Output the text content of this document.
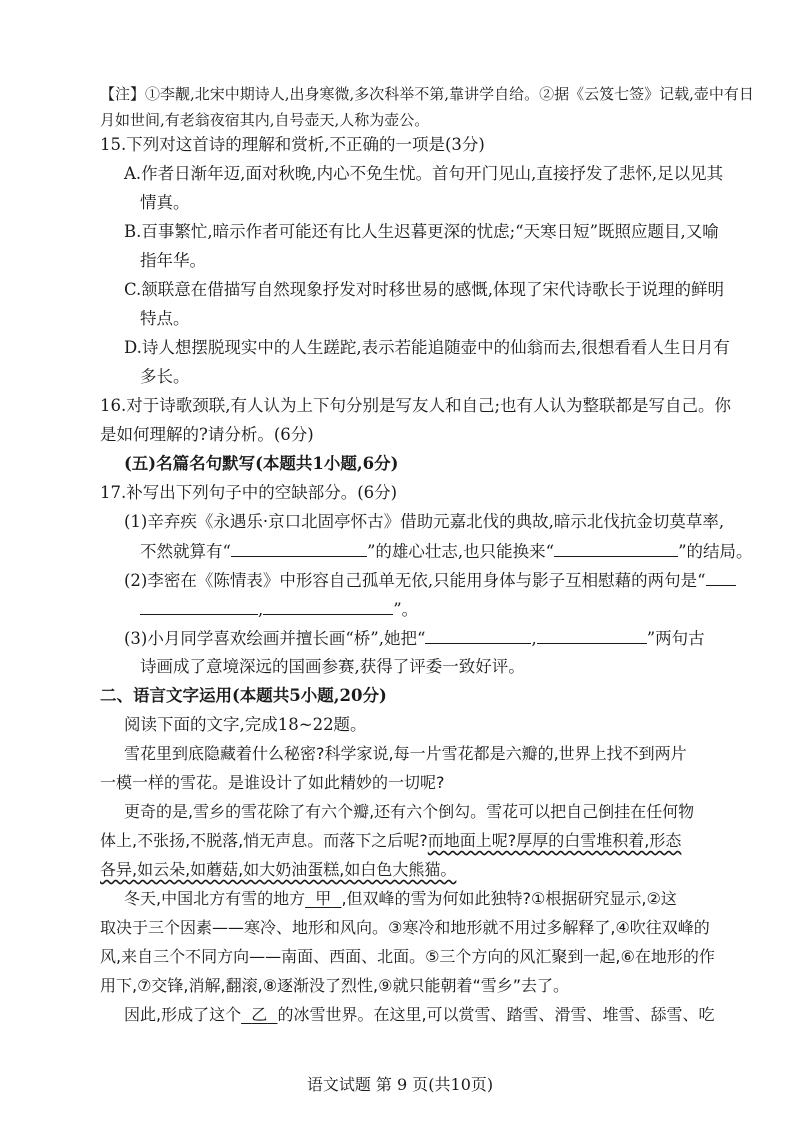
【注】①李觏,北宋中期诗人,出身寒微,多次科举不第,靠讲学自给。②据《云笈七签》记载,壶中有日
月如世间,有老翁夜宿其内,自号壶天,人称为壶公。
15.下列对这首诗的理解和赏析,不正确的一项是(3分)
A.作者日渐年迈,面对秋晚,内心不免生忧。首句开门见山,直接抒发了悲怀,足以见其
情真。
B.百事繁忙,暗示作者可能还有比人生迟暮更深的忧虑;“天寒日短”既照应题目,又喻
指年华。
C.颔联意在借描写自然现象抒发对时移世易的感慨,体现了宋代诗歌长于说理的鲜明
特点。
D.诗人想摆脱现实中的人生蹉跎,表示若能追随壶中的仙翁而去,很想看看人生日月有
多长。
16.对于诗歌颈联,有人认为上下句分别是写友人和自己;也有人认为整联都是写自己。你
是如何理解的?请分析。(6分)
(五)名篇名句默写(本题共1小题,6分)
17.补写出下列句子中的空缺部分。(6分)
(1)辛弃疾《永遇乐·京口北固亭怀古》借助元嘉北伐的典故,暗示北伐抗金切莫草率,
不然就算有“	”的雄心壮志,也只能换来“	”的结局。
(2)李密在《陈情表》中形容自己孤单无依,只能用身体与影子互相慰藉的两句是“
,	”。
(3)小月同学喜欢绘画并擅长画“桥”,她把“	,	”两句古
诗画成了意境深远的国画参赛,获得了评委一致好评。
二、语言文字运用(本题共5小题,20分)
阅读下面的文字,完成18~22题。
雪花里到底隐藏着什么秘密?科学家说,每一片雪花都是六瓣的,世界上找不到两片
一模一样的雪花。是谁设计了如此精妙的一切呢?
更奇的是,雪乡的雪花除了有六个瓣,还有六个倒勾。雪花可以把自己倒挂在任何物
体上,不张扬,不脱落,悄无声息。而落下之后呢?而地面上呢?厚厚的白雪堆积着,形态
各异,如云朵,如蘑菇,如大奶油蛋糕,如白色大熊猫。
冬天,中国北方有雪的地方 甲 ,但双峰的雪为何如此独特?①根据研究显示,②这
取决于三个因素——寒冷、地形和风向。③寒冷和地形就不用过多解释了,④吹往双峰的
风,来自三个不同方向——南面、西面、北面。⑤三个方向的风汇聚到一起,⑥在地形的作
用下,⑦交锋,消解,翻滚,⑧逐渐没了烈性,⑨就只能朝着“雪乡”去了。
因此,形成了这个 乙 的冰雪世界。在这里,可以赏雪、踏雪、滑雪、堆雪、舔雪、吃
语文试题 第 9 页(共10页)
